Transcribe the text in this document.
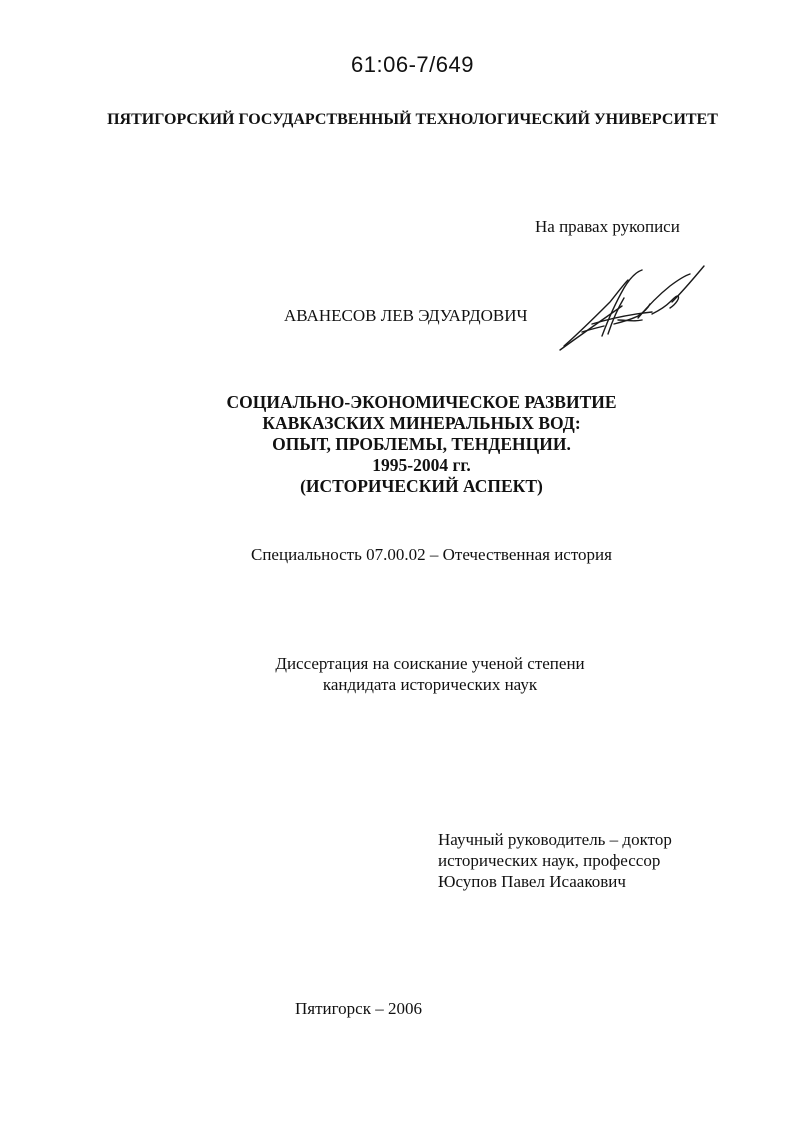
61:06-7/649
ПЯТИГОРСКИЙ ГОСУДАРСТВЕННЫЙ ТЕХНОЛОГИЧЕСКИЙ УНИВЕРСИТЕТ
На правах рукописи
АВАНЕСОВ ЛЕВ ЭДУАРДОВИЧ
СОЦИАЛЬНО-ЭКОНОМИЧЕСКОЕ РАЗВИТИЕ
КАВКАЗСКИХ МИНЕРАЛЬНЫХ ВОД:
ОПЫТ, ПРОБЛЕМЫ, ТЕНДЕНЦИИ.
1995-2004 гг.
(ИСТОРИЧЕСКИЙ АСПЕКТ)
Специальность 07.00.02 – Отечественная история
Диссертация на соискание ученой степени
кандидата исторических наук
Научный руководитель – доктор
исторических наук, профессор
Юсупов Павел Исаакович
Пятигорск – 2006
